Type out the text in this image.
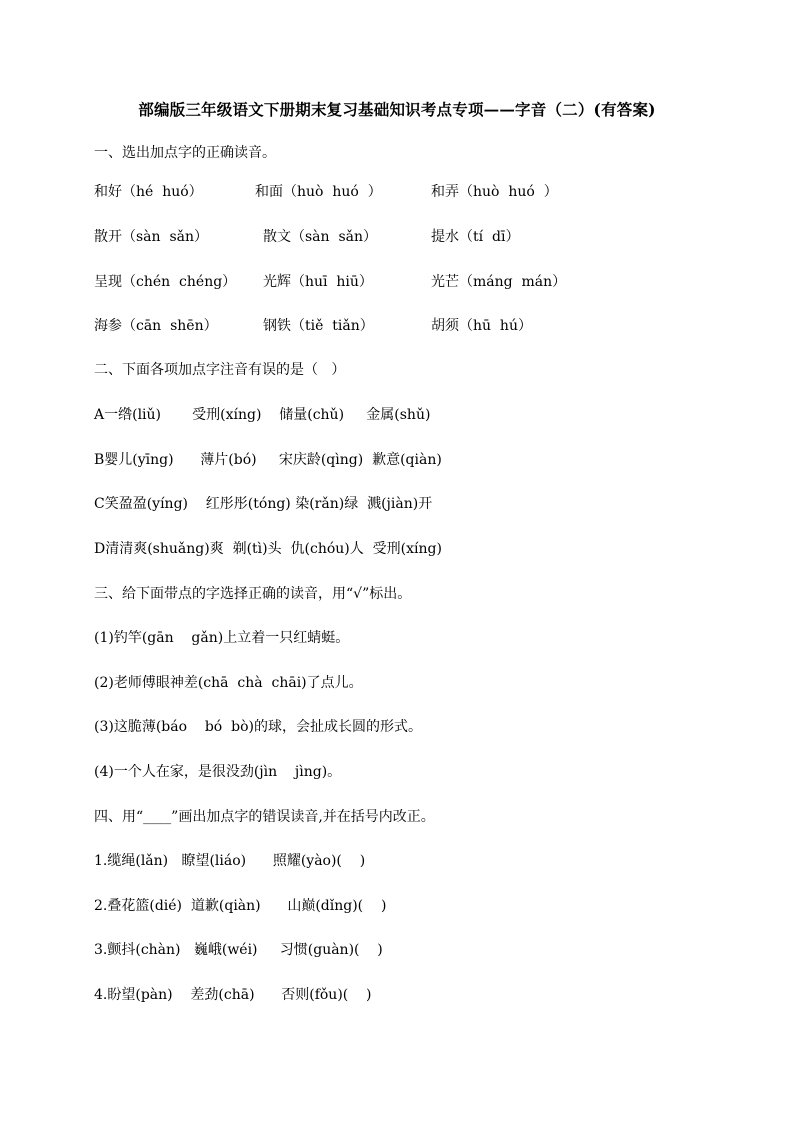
部编版三年级语文下册期末复习基础知识考点专项——字音（二）(有答案)
一、选出加点字的正确读音。
和好（hé  huó）	和面（huò  huó  ）	和弄（huò  huó  ）
散开（sàn  sǎn）	散文（sàn  sǎn）	提水（tí  dī）
呈现（chén  chéng） 光辉（huī  hiū）	光芒（máng  mán）
海参（cān  shēn）	钢铁（tiě  tiǎn）	胡须（hū  hú）
二、下面各项加点字注音有误的是（   ）
A一绺(liǔ)       受刑(xíng)    储量(chǔ)     金属(shǔ)
B婴儿(yīng)      薄片(bó)     宋庆龄(qìng)  歉意(qiàn)
C笑盈盈(yíng)    红彤彤(tóng) 染(rǎn)绿  溅(jiàn)开
D清清爽(shuǎng)爽  剃(tì)头  仇(chóu)人  受刑(xíng)
三、给下面带点的字选择正确的读音，用“√”标出。
(1)钓竿(gān    gǎn)上立着一只红蜻蜓。
(2)老师傅眼神差(chā  chà  chāi)了点儿。
(3)这脆薄(báo    bó  bò)的球，会扯成长圆的形式。
(4)一个人在家，是很没劲(jìn    jìng)。
四、用“____”画出加点字的错误读音,并在括号内改正。
1.缆绳(lǎn)   瞭望(liáo)      照耀(yào)(    )
2.叠花篮(dié)  道歉(qiàn)      山巅(dǐng)(    )
3.颤抖(chàn)   巍峨(wéi)     习惯(guàn)(    )
4.盼望(pàn)    差劲(chā)      否则(fǒu)(    )
